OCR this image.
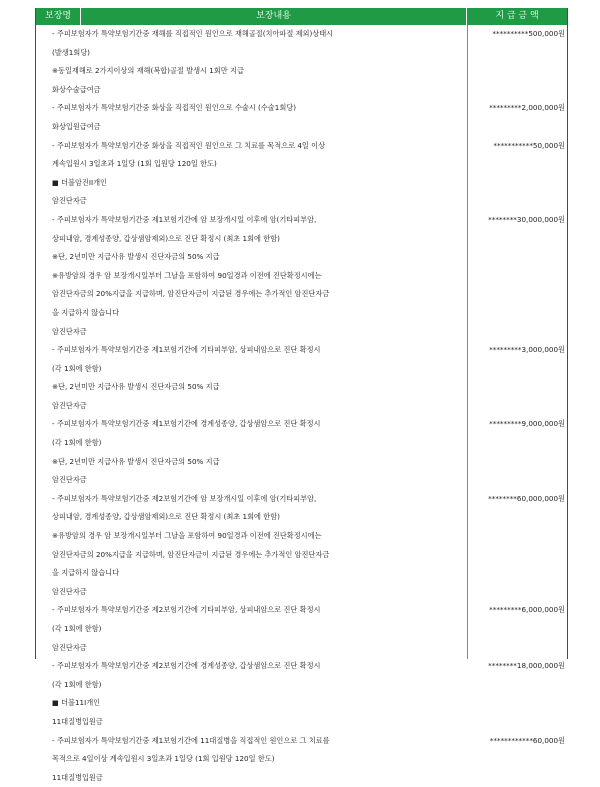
보장명	보장내용	지 급 금 액
- 주피보험자가 특약보험기간중 재해를 직접적인 원인으로 재해골절(치아파절 제외)상태시	**********500,000원
(발생1회당)
※동일재해로 2가지이상의 재해(복합)골절 발생시 1회만 지급
화상수술급여금
- 주피보험자가 특약보험기간중 화상을 직접적인 원인으로 수술시 (수술1회당)	*********2,000,000원
화상입원급여금
- 주피보험자가 특약보험기간중 화상을 직접적인 원인으로 그 치료를 목적으로 4일 이상	***********50,000원
계속입원시 3일초과 1일당 (1회 입원당 120일 한도)
■ 더블암진II개인
암진단자금
- 주피보험자가 특약보험기간중 제1보험기간에 암 보장개시일 이후에 암(기타피부암,	********30,000,000원
상피내암, 경계성종양, 갑상샘암제외)으로 진단 확정시 (최초 1회에 한함)
※단, 2년미만 지급사유 발생시 진단자금의 50% 지급
※유방암의 경우 암 보장개시일부터 그날을 포함하여 90일경과 이전에 진단확정시에는
암진단자금의 20%지급을 지급하며, 암진단자금이 지급된 경우에는 추가적인 암진단자금
을 지급하지 않습니다
암진단자금
- 주피보험자가 특약보험기간중 제1보험기간에 기타피부암, 상피내암으로 진단 확정시	*********3,000,000원
(각 1회에 한함)
※단, 2년미만 지급사유 발생시 진단자금의 50% 지급
암진단자금
- 주피보험자가 특약보험기간중 제1보험기간에 경계성종양, 갑상샘암으로 진단 확정시	*********9,000,000원
(각 1회에 한함)
※단, 2년미만 지급사유 발생시 진단자금의 50% 지급
암진단자금
- 주피보험자가 특약보험기간중 제2보험기간에 암 보장개시일 이후에 암(기타피부암,	********60,000,000원
상피내암, 경계성종양, 갑상샘암제외)으로 진단 확정시 (최초 1회에 한함)
※유방암의 경우 암 보장개시일부터 그날을 포함하여 90일경과 이전에 진단확정시에는
암진단자금의 20%지급을 지급하며, 암진단자금이 지급된 경우에는 추가적인 암진단자금
을 지급하지 않습니다
암진단자금
- 주피보험자가 특약보험기간중 제2보험기간에 기타피부암, 상피내암으로 진단 확정시	*********6,000,000원
(각 1회에 한함)
암진단자금
- 주피보험자가 특약보험기간중 제2보험기간에 경계성종양, 갑상샘암으로 진단 확정시	********18,000,000원
(각 1회에 한함)
■ 더블11I개인
11대질병입원금
- 주피보험자가 특약보험기간중 제1보험기간에 11대질병을 직접적인 원인으로 그 치료를	************60,000원
목적으로 4일이상 계속입원시 3일초과 1일당 (1회 입원당 120일 한도)
11대질병입원금
